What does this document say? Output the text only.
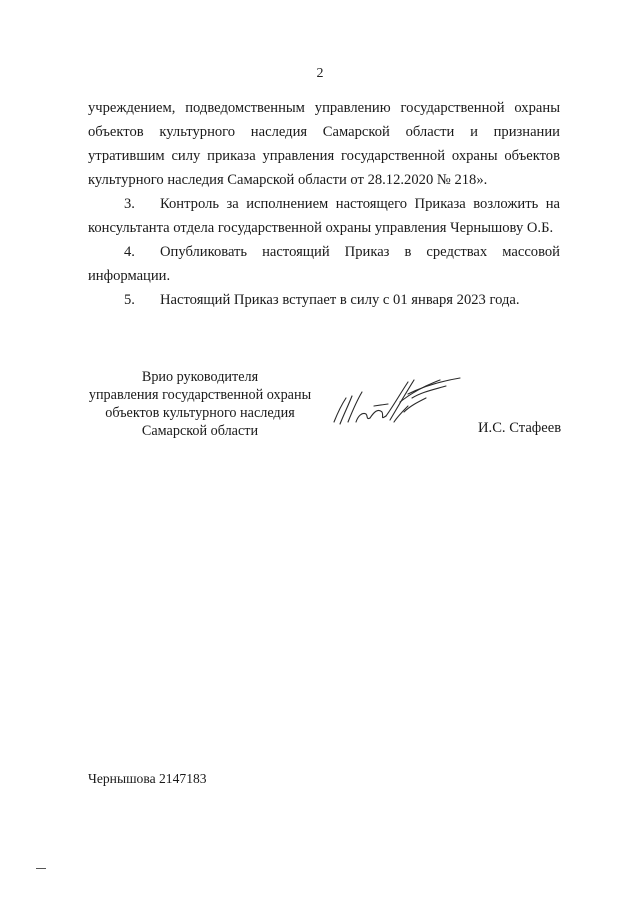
2

учреждением, подведомственным управлению государственной охраны объектов культурного наследия Самарской области и признании утратившим силу приказа управления государственной охраны объектов культурного наследия Самарской области от 28.12.2020 № 218».

3. Контроль за исполнением настоящего Приказа возложить на консультанта отдела государственной охраны управления Чернышову О.Б.

4. Опубликовать настоящий Приказ в средствах массовой информации.

5. Настоящий Приказ вступает в силу с 01 января 2023 года.

Врио руководителя
управления государственной охраны
объектов культурного наследия
Самарской области	И.С. Стафеев
Чернышова 2147183
